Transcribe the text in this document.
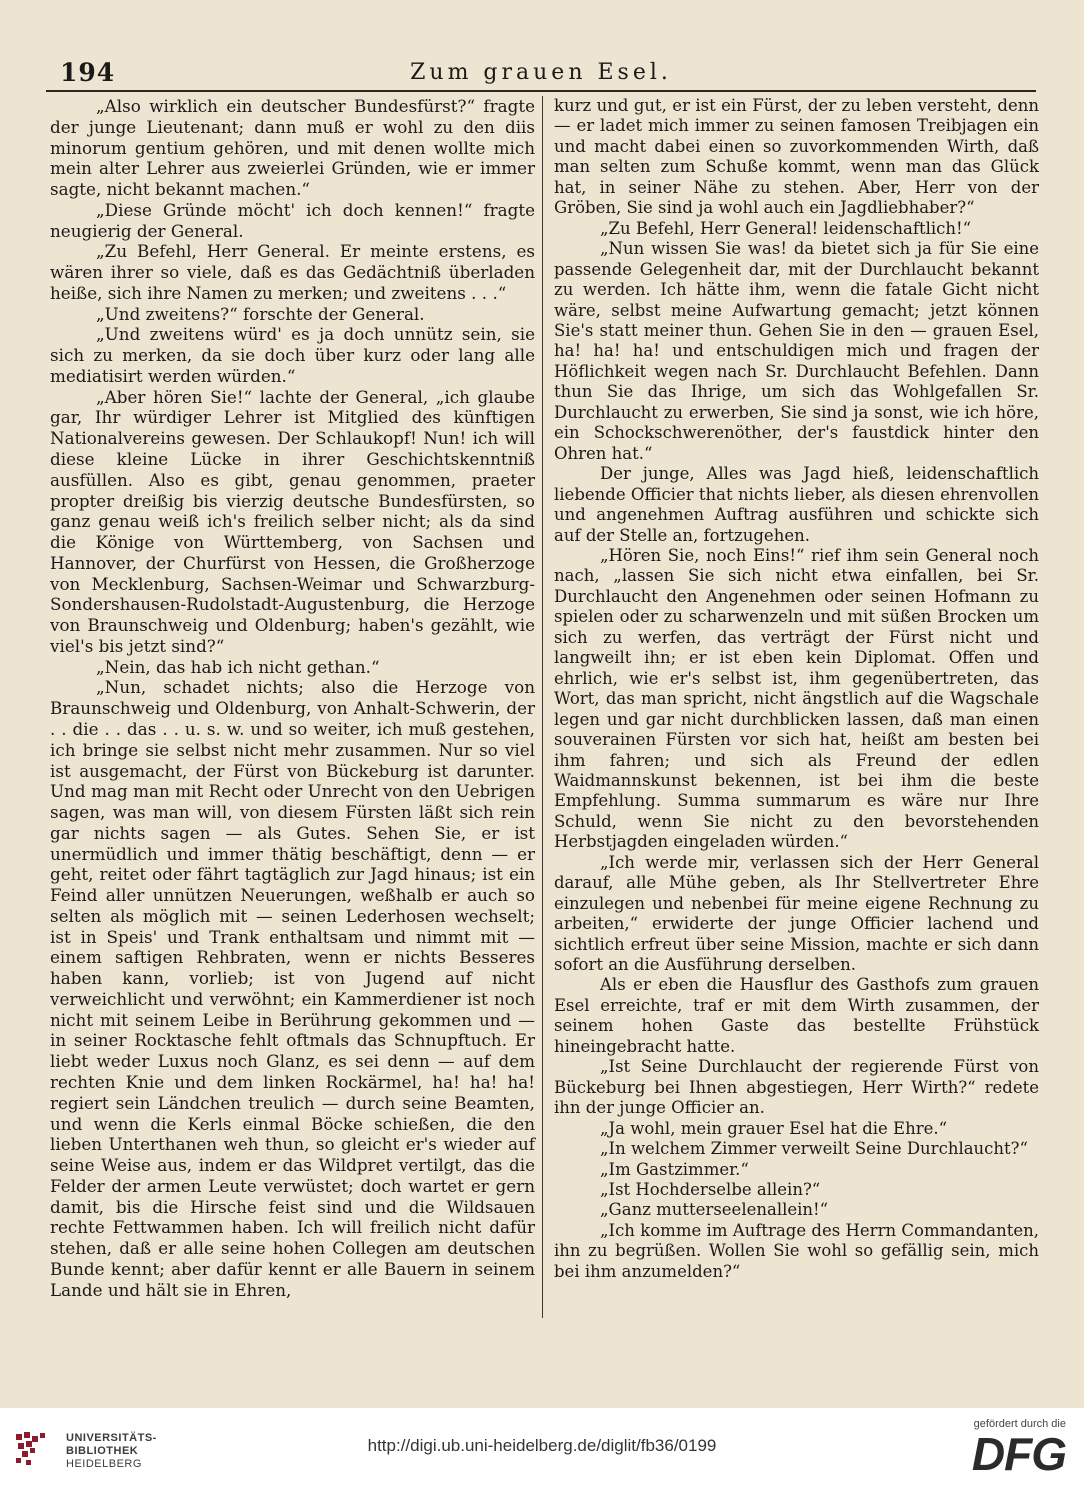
194	Zum grauen Esel.

„Also wirklich ein deutscher Bundesfürst?“ fragte der junge Lieutenant; dann muß er wohl zu den diis minorum gentium gehören, und mit denen wollte mich mein alter Lehrer aus zweierlei Gründen, wie er immer sagte, nicht bekannt machen.“

„Diese Gründe möcht' ich doch kennen!“ fragte neugierig der General.

„Zu Befehl, Herr General. Er meinte erstens, es wären ihrer so viele, daß es das Gedächtniß überladen heiße, sich ihre Namen zu merken; und zweitens . . .“

„Und zweitens?“ forschte der General.

„Und zweitens würd' es ja doch unnütz sein, sie sich zu merken, da sie doch über kurz oder lang alle mediatisirt werden würden.“

„Aber hören Sie!“ lachte der General, „ich glaube gar, Ihr würdiger Lehrer ist Mitglied des künftigen Nationalvereins gewesen. Der Schlaukopf! Nun! ich will diese kleine Lücke in ihrer Geschichtskenntniß ausfüllen. Also es gibt, genau genommen, praeter propter dreißig bis vierzig deutsche Bundesfürsten, so ganz genau weiß ich's freilich selber nicht; als da sind die Könige von Württemberg, von Sachsen und Hannover, der Churfürst von Hessen, die Großherzoge von Mecklenburg, Sachsen-Weimar und Schwarzburg-Sondershausen-Rudolstadt-Augustenburg, die Herzoge von Braunschweig und Oldenburg; haben's gezählt, wie viel's bis jetzt sind?“

„Nein, das hab ich nicht gethan.“

„Nun, schadet nichts; also die Herzoge von Braunschweig und Oldenburg, von Anhalt-Schwerin, der . . die . . das . . u. s. w. und so weiter, ich muß gestehen, ich bringe sie selbst nicht mehr zusammen. Nur so viel ist ausgemacht, der Fürst von Bückeburg ist darunter. Und mag man mit Recht oder Unrecht von den Uebrigen sagen, was man will, von diesem Fürsten läßt sich rein gar nichts sagen — als Gutes. Sehen Sie, er ist unermüdlich und immer thätig beschäftigt, denn — er geht, reitet oder fährt tagtäglich zur Jagd hinaus; ist ein Feind aller unnützen Neuerungen, weßhalb er auch so selten als möglich mit — seinen Lederhosen wechselt; ist in Speis' und Trank enthaltsam und nimmt mit — einem saftigen Rehbraten, wenn er nichts Besseres haben kann, vorlieb; ist von Jugend auf nicht verweichlicht und verwöhnt; ein Kammerdiener ist noch nicht mit seinem Leibe in Berührung gekommen und — in seiner Rocktasche fehlt oftmals das Schnupftuch. Er liebt weder Luxus noch Glanz, es sei denn — auf dem rechten Knie und dem linken Rockärmel, ha! ha! ha! regiert sein Ländchen treulich — durch seine Beamten, und wenn die Kerls einmal Böcke schießen, die den lieben Unterthanen weh thun, so gleicht er's wieder auf seine Weise aus, indem er das Wildpret vertilgt, das die Felder der armen Leute verwüstet; doch wartet er gern damit, bis die Hirsche feist sind und die Wildsauen rechte Fettwammen haben. Ich will freilich nicht dafür stehen, daß er alle seine hohen Collegen am deutschen Bunde kennt; aber dafür kennt er alle Bauern in seinem Lande und hält sie in Ehren,

kurz und gut, er ist ein Fürst, der zu leben versteht, denn — er ladet mich immer zu seinen famosen Treibjagen ein und macht dabei einen so zuvorkommenden Wirth, daß man selten zum Schuße kommt, wenn man das Glück hat, in seiner Nähe zu stehen. Aber, Herr von der Gröben, Sie sind ja wohl auch ein Jagdliebhaber?“

„Zu Befehl, Herr General! leidenschaftlich!“

„Nun wissen Sie was! da bietet sich ja für Sie eine passende Gelegenheit dar, mit der Durchlaucht bekannt zu werden. Ich hätte ihm, wenn die fatale Gicht nicht wäre, selbst meine Aufwartung gemacht; jetzt können Sie's statt meiner thun. Gehen Sie in den — grauen Esel, ha! ha! ha! und entschuldigen mich und fragen der Höflichkeit wegen nach Sr. Durchlaucht Befehlen. Dann thun Sie das Ihrige, um sich das Wohlgefallen Sr. Durchlaucht zu erwerben, Sie sind ja sonst, wie ich höre, ein Schockschwerenöther, der's faustdick hinter den Ohren hat.“

Der junge, Alles was Jagd hieß, leidenschaftlich liebende Officier that nichts lieber, als diesen ehrenvollen und angenehmen Auftrag ausführen und schickte sich auf der Stelle an, fortzugehen.

„Hören Sie, noch Eins!“ rief ihm sein General noch nach, „lassen Sie sich nicht etwa einfallen, bei Sr. Durchlaucht den Angenehmen oder seinen Hofmann zu spielen oder zu scharwenzeln und mit süßen Brocken um sich zu werfen, das verträgt der Fürst nicht und langweilt ihn; er ist eben kein Diplomat. Offen und ehrlich, wie er's selbst ist, ihm gegenübertreten, das Wort, das man spricht, nicht ängstlich auf die Wagschale legen und gar nicht durchblicken lassen, daß man einen souverainen Fürsten vor sich hat, heißt am besten bei ihm fahren; und sich als Freund der edlen Waidmannskunst bekennen, ist bei ihm die beste Empfehlung. Summa summarum es wäre nur Ihre Schuld, wenn Sie nicht zu den bevorstehenden Herbstjagden eingeladen würden.“

„Ich werde mir, verlassen sich der Herr General darauf, alle Mühe geben, als Ihr Stellvertreter Ehre einzulegen und nebenbei für meine eigene Rechnung zu arbeiten,“ erwiderte der junge Officier lachend und sichtlich erfreut über seine Mission, machte er sich dann sofort an die Ausführung derselben.

Als er eben die Hausflur des Gasthofs zum grauen Esel erreichte, traf er mit dem Wirth zusammen, der seinem hohen Gaste das bestellte Frühstück hineingebracht hatte.

„Ist Seine Durchlaucht der regierende Fürst von Bückeburg bei Ihnen abgestiegen, Herr Wirth?“ redete ihn der junge Officier an.

„Ja wohl, mein grauer Esel hat die Ehre.“

„In welchem Zimmer verweilt Seine Durchlaucht?“

„Im Gastzimmer.“

„Ist Hochderselbe allein?“

„Ganz mutterseelenallein!“

„Ich komme im Auftrage des Herrn Commandanten, ihn zu begrüßen. Wollen Sie wohl so gefällig sein, mich bei ihm anzumelden?“

UNIVERSITÄTS-
BIBLIOTHEK
HEIDELBERG
http://digi.ub.uni-heidelberg.de/diglit/fb36/0199
gefördert durch die
DFG
